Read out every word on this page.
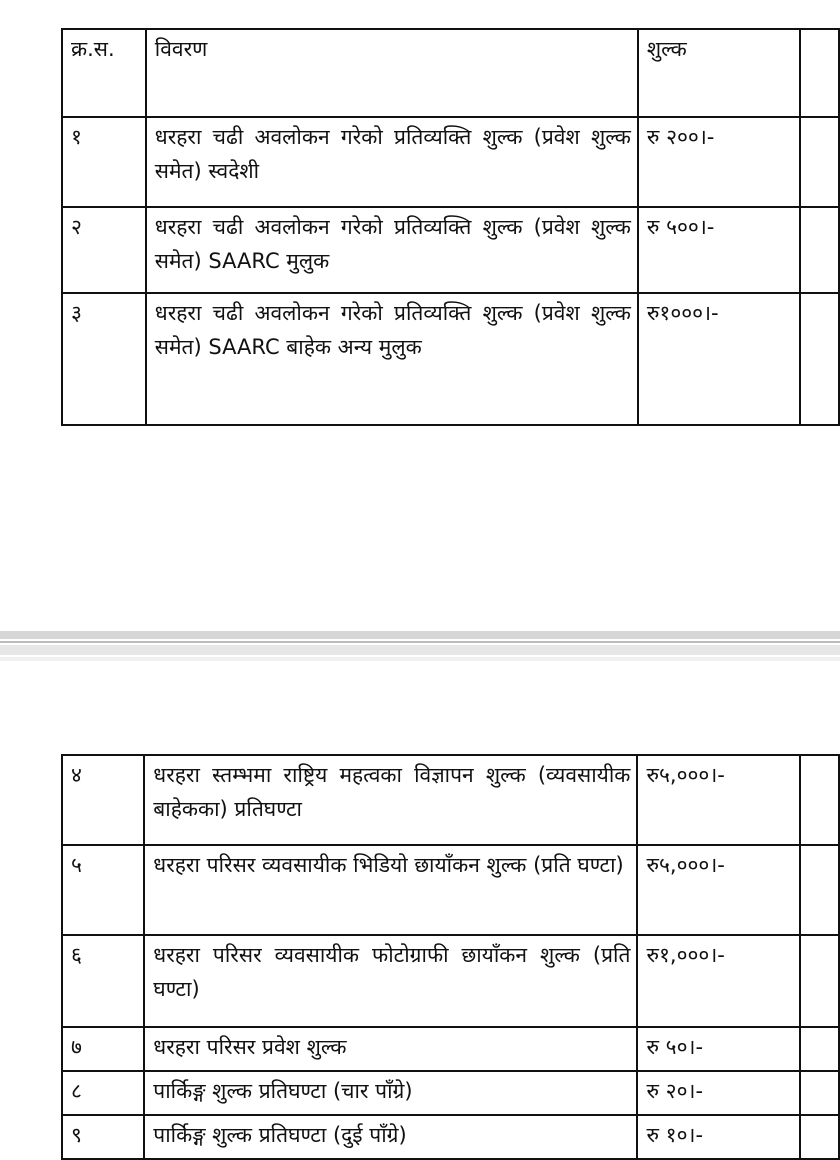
क्र.स.	विवरण	शुल्क	
१	धरहरा चढी अवलोकन गरेको प्रतिव्यक्ति शुल्क (प्रवेश शुल्क समेत) स्वदेशी	रु २००।-	
२	धरहरा चढी अवलोकन गरेको प्रतिव्यक्ति शुल्क (प्रवेश शुल्क समेत) SAARC मुलुक	रु ५००।-	
३	धरहरा चढी अवलोकन गरेको प्रतिव्यक्ति शुल्क (प्रवेश शुल्क समेत) SAARC बाहेक अन्य मुलुक	रु१०००।-	
४	धरहरा स्तम्भमा राष्ट्रिय महत्वका विज्ञापन शुल्क (व्यवसायीक बाहेकका) प्रतिघण्टा	रु५,०००।-	
५	धरहरा परिसर व्यवसायीक भिडियो छायाँकन शुल्क (प्रति घण्टा)	रु५,०००।-	
६	धरहरा परिसर व्यवसायीक फोटोग्राफी छायाँकन शुल्क (प्रति घण्टा)	रु१,०००।-	
७	धरहरा परिसर प्रवेश शुल्क	रु ५०।-	
८	पार्किङ्ग शुल्क प्रतिघण्टा (चार पाँग्रे)	रु २०।-	
९	पार्किङ्ग शुल्क प्रतिघण्टा (दुई पाँग्रे)	रु १०।-	
